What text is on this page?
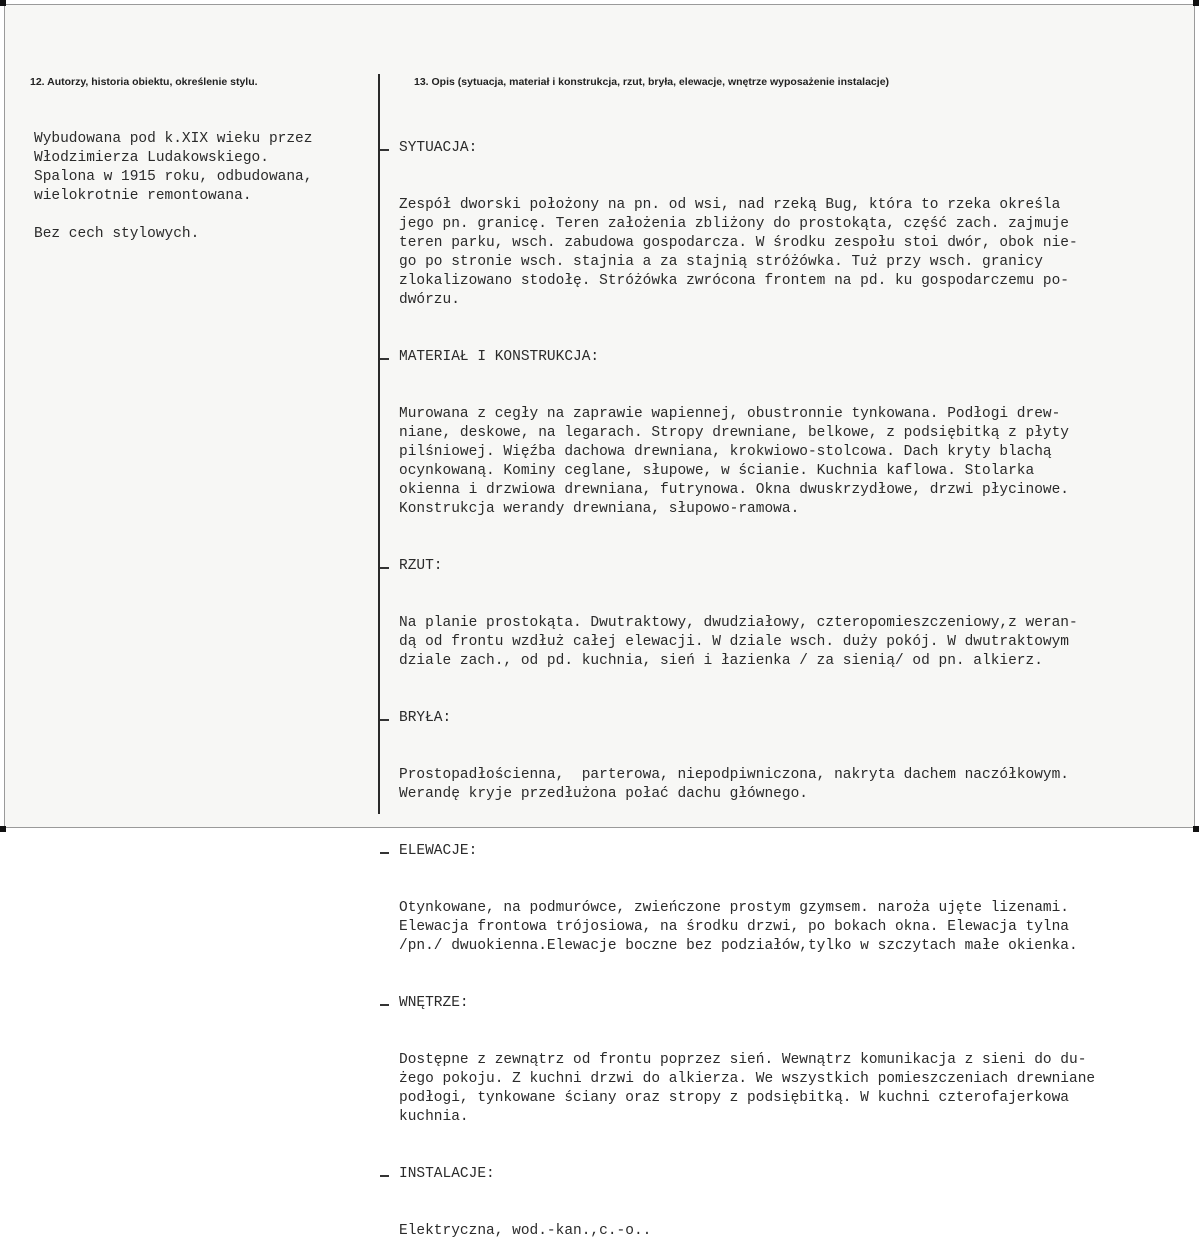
12. Autorzy, historia obiektu, określenie stylu.	13. Opis (sytuacja, materiał i konstrukcja, rzut, bryła, elewacje, wnętrze wyposażenie instalacje)
Wybudowana pod k.XIX wieku przez
Włodzimierza Ludakowskiego.
Spalona w 1915 roku, odbudowana,
wielokrotnie remontowana.

Bez cech stylowych.

SYTUACJA:

Zespół dworski położony na pn. od wsi, nad rzeką Bug, która to rzeka określa
jego pn. granicę. Teren założenia zbliżony do prostokąta, część zach. zajmuje
teren parku, wsch. zabudowa gospodarcza. W środku zespołu stoi dwór, obok nie-
go po stronie wsch. stajnia a za stajnią stróżówka. Tuż przy wsch. granicy
zlokalizowano stodołę. Stróżówka zwrócona frontem na pd. ku gospodarczemu po-
dwórzu.

MATERIAŁ I KONSTRUKCJA:

Murowana z cegły na zaprawie wapiennej, obustronnie tynkowana. Podłogi drew-
niane, deskowe, na legarach. Stropy drewniane, belkowe, z podsiębitką z płyty
pilśniowej. Więźba dachowa drewniana, krokwiowo-stolcowa. Dach kryty blachą
ocynkowaną. Kominy ceglane, słupowe, w ścianie. Kuchnia kaflowa. Stolarka
okienna i drzwiowa drewniana, futrynowa. Okna dwuskrzydłowe, drzwi płycinowe.
Konstrukcja werandy drewniana, słupowo-ramowa.

RZUT:

Na planie prostokąta. Dwutraktowy, dwudziałowy, czteropomieszczeniowy,z weran-
dą od frontu wzdłuż całej elewacji. W dziale wsch. duży pokój. W dwutraktowym
dziale zach., od pd. kuchnia, sień i łazienka / za sienią/ od pn. alkierz.

BRYŁA:

Prostopadłościenna,  parterowa, niepodpiwniczona, nakryta dachem naczółkowym.
Werandę kryje przedłużona połać dachu głównego.

ELEWACJE:

Otynkowane, na podmurówce, zwieńczone prostym gzymsem. naroża ujęte lizenami.
Elewacja frontowa trójosiowa, na środku drzwi, po bokach okna. Elewacja tylna
/pn./ dwuokienna.Elewacje boczne bez podziałów,tylko w szczytach małe okienka.

WNĘTRZE:

Dostępne z zewnątrz od frontu poprzez sień. Wewnątrz komunikacja z sieni do du-
żego pokoju. Z kuchni drzwi do alkierza. We wszystkich pomieszczeniach drewniane
podłogi, tynkowane ściany oraz stropy z podsiębitką. W kuchni czterofajerkowa
kuchnia.

INSTALACJE:

Elektryczna, wod.-kan.,c.-o..
